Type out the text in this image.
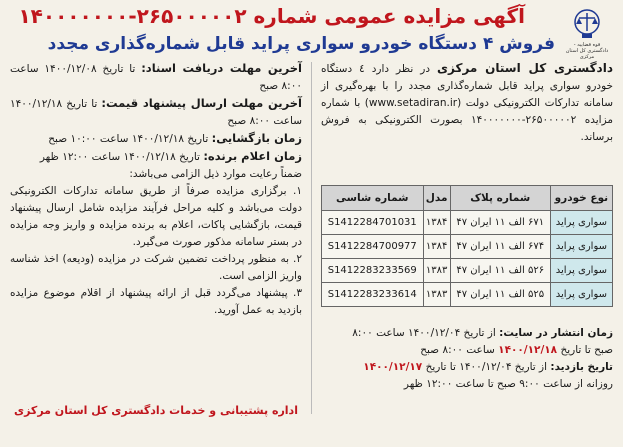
قوه قضاییه - دادگستری کل استان مرکزی
آگهی مزایده عمومی شماره ۲۶۵۰۰۰۰۰۲-۱۴۰۰۰۰۰۰۰
فروش ۴ دستگاه خودرو سواری پراید قابل شماره‌گذاری مجدد
دادگستری کل استان مرکزی در نظر دارد ٤ دستگاه خودرو سواری پراید قابل شماره‌گذاری مجدد را با بهره‌گیری از سامانه تدارکات الکترونیکی دولت (www.setadiran.ir) با شماره مزایده ۲۶۵۰۰۰۰۰۲-۱۴۰۰۰۰۰۰۰ بصورت الکترونیکی به فروش برساند.
نوع خودرو	شماره پلاک	مدل	شماره شاسی
سواری پراید	۶۷۱ الف ۱۱ ایران ۴۷	۱۳۸۴	S1412284701031
سواری پراید	۶۷۴ الف ۱۱ ایران ۴۷	۱۳۸۴	S1412284700977
سواری پراید	۵۲۶ الف ۱۱ ایران ۴۷	۱۳۸۳	S1412283233569
سواری پراید	۵۲۵ الف ۱۱ ایران ۴۷	۱۳۸۳	S1412283233614
زمان انتشار در سایت: از تاریخ ۱۴۰۰/۱۲/۰۴ ساعت ۸:۰۰
صبح تا تاریخ ۱۴۰۰/۱۲/۱۸ ساعت ۸:۰۰ صبح
تاریخ بازدید: از تاریخ ۱۴۰۰/۱۲/۰۴ تا تاریخ ۱۴۰۰/۱۲/۱۷
روزانه از ساعت ۹:۰۰ صبح تا ساعت ۱۲:۰۰ ظهر
آخرین مهلت دریافت اسناد: تا تاریخ ۱۴۰۰/۱۲/۰۸ ساعت ۸:۰۰ صبح
آخرین مهلت ارسال پیشنهاد قیمت: تا تاریخ ۱۴۰۰/۱۲/۱۸ ساعت ۸:۰۰ صبح
زمان بازگشایی: تاریخ ۱۴۰۰/۱۲/۱۸ ساعت ۱۰:۰۰ صبح
زمان اعلام برنده: تاریخ ۱۴۰۰/۱۲/۱۸ ساعت ۱۲:۰۰ ظهر
ضمناً رعایت موارد ذیل الزامی می‌باشد:
۱. برگزاری مزایده صرفاً از طریق سامانه تدارکات الکترونیکی دولت می‌باشد و کلیه مراحل فرآیند مزایده شامل ارسال پیشنهاد قیمت، بازگشایی پاکات، اعلام به برنده مزایده و واریز وجه مزایده در بستر سامانه مذکور صورت می‌گیرد.
۲. به منظور پرداخت تضمین شرکت در مزایده (ودیعه) اخذ شناسه واریز الزامی است.
۳. پیشنهاد می‌گردد قبل از ارائه پیشنهاد از اقلام موضوع مزایده بازدید به عمل آورید.
اداره پشتیبانی و خدمات دادگستری کل استان مرکزی
